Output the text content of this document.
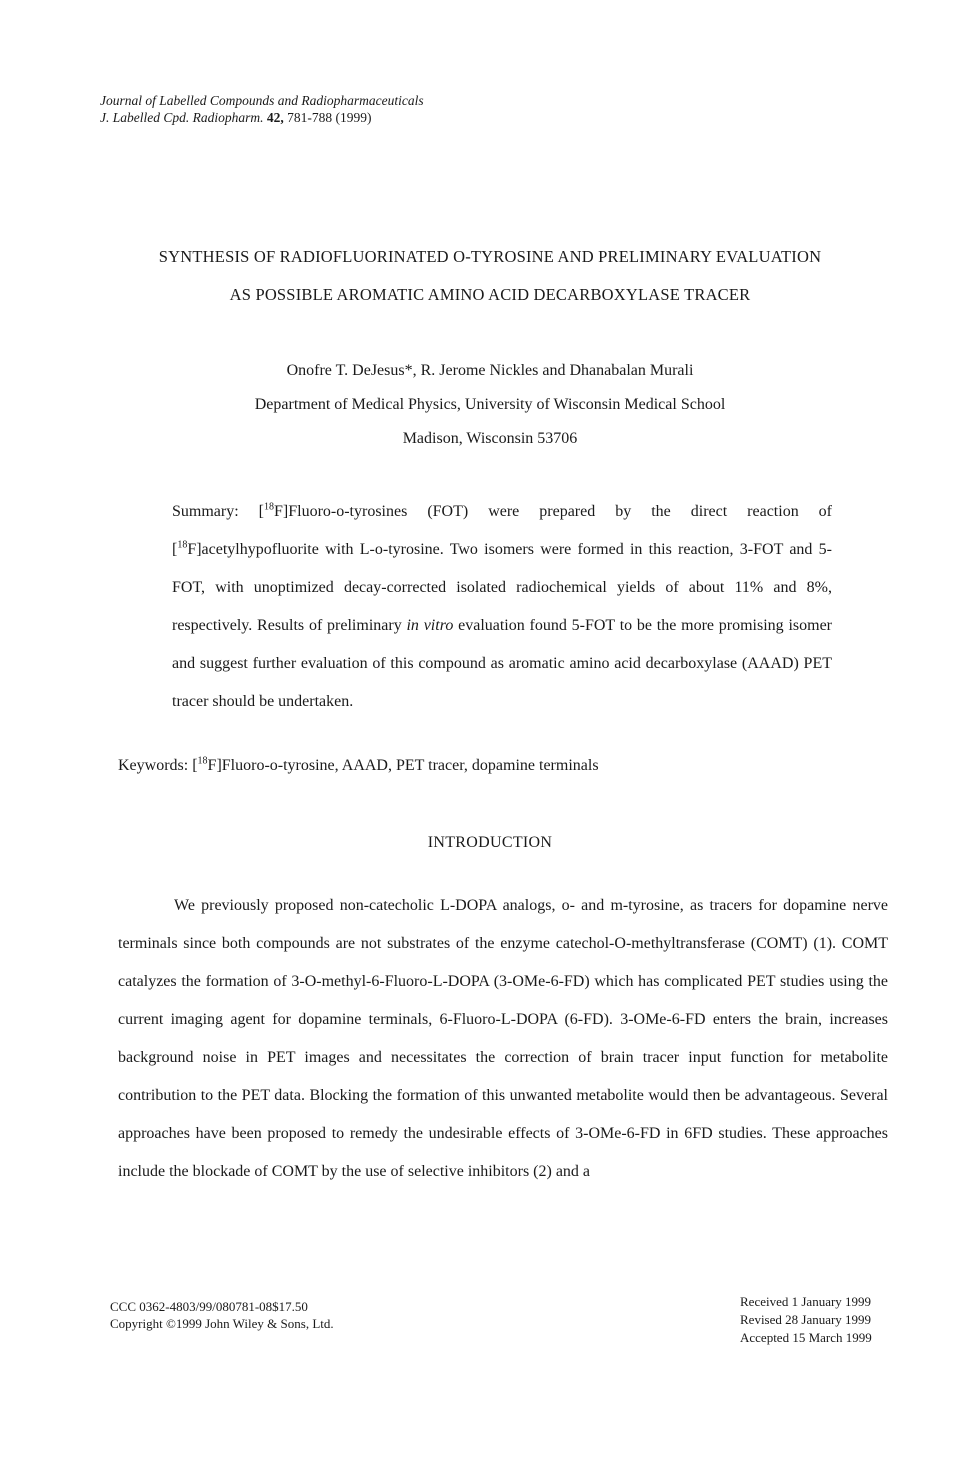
Journal of Labelled Compounds and Radiopharmaceuticals
J. Labelled Cpd. Radiopharm. 42, 781-788 (1999)
SYNTHESIS OF RADIOFLUORINATED O-TYROSINE AND PRELIMINARY EVALUATION
AS POSSIBLE AROMATIC AMINO ACID DECARBOXYLASE TRACER
Onofre T. DeJesus*, R. Jerome Nickles and Dhanabalan Murali
Department of Medical Physics, University of Wisconsin Medical School
Madison, Wisconsin 53706
Summary: [$^{18}$F]Fluoro-o-tyrosines (FOT) were prepared by the direct reaction of [$^{18}$F]acetylhypofluorite with L-o-tyrosine. Two isomers were formed in this reaction, 3-FOT and 5-FOT, with unoptimized decay-corrected isolated radiochemical yields of about 11% and 8%, respectively. Results of preliminary in vitro evaluation found 5-FOT to be the more promising isomer and suggest further evaluation of this compound as aromatic amino acid decarboxylase (AAAD) PET tracer should be undertaken.
Keywords: [$^{18}$F]Fluoro-o-tyrosine, AAAD, PET tracer, dopamine terminals
INTRODUCTION
We previously proposed non-catecholic L-DOPA analogs, o- and m-tyrosine, as tracers for dopamine nerve terminals since both compounds are not substrates of the enzyme catechol-O-methyltransferase (COMT) (1). COMT catalyzes the formation of 3-O-methyl-6-Fluoro-L-DOPA (3-OMe-6-FD) which has complicated PET studies using the current imaging agent for dopamine terminals, 6-Fluoro-L-DOPA (6-FD). 3-OMe-6-FD enters the brain, increases background noise in PET images and necessitates the correction of brain tracer input function for metabolite contribution to the PET data. Blocking the formation of this unwanted metabolite would then be advantageous. Several approaches have been proposed to remedy the undesirable effects of 3-OMe-6-FD in 6FD studies. These approaches include the blockade of COMT by the use of selective inhibitors (2) and a
CCC 0362-4803/99/080781-08$17.50
Copyright ©1999 John Wiley & Sons, Ltd.
Received 1 January 1999
Revised 28 January 1999
Accepted 15 March 1999
